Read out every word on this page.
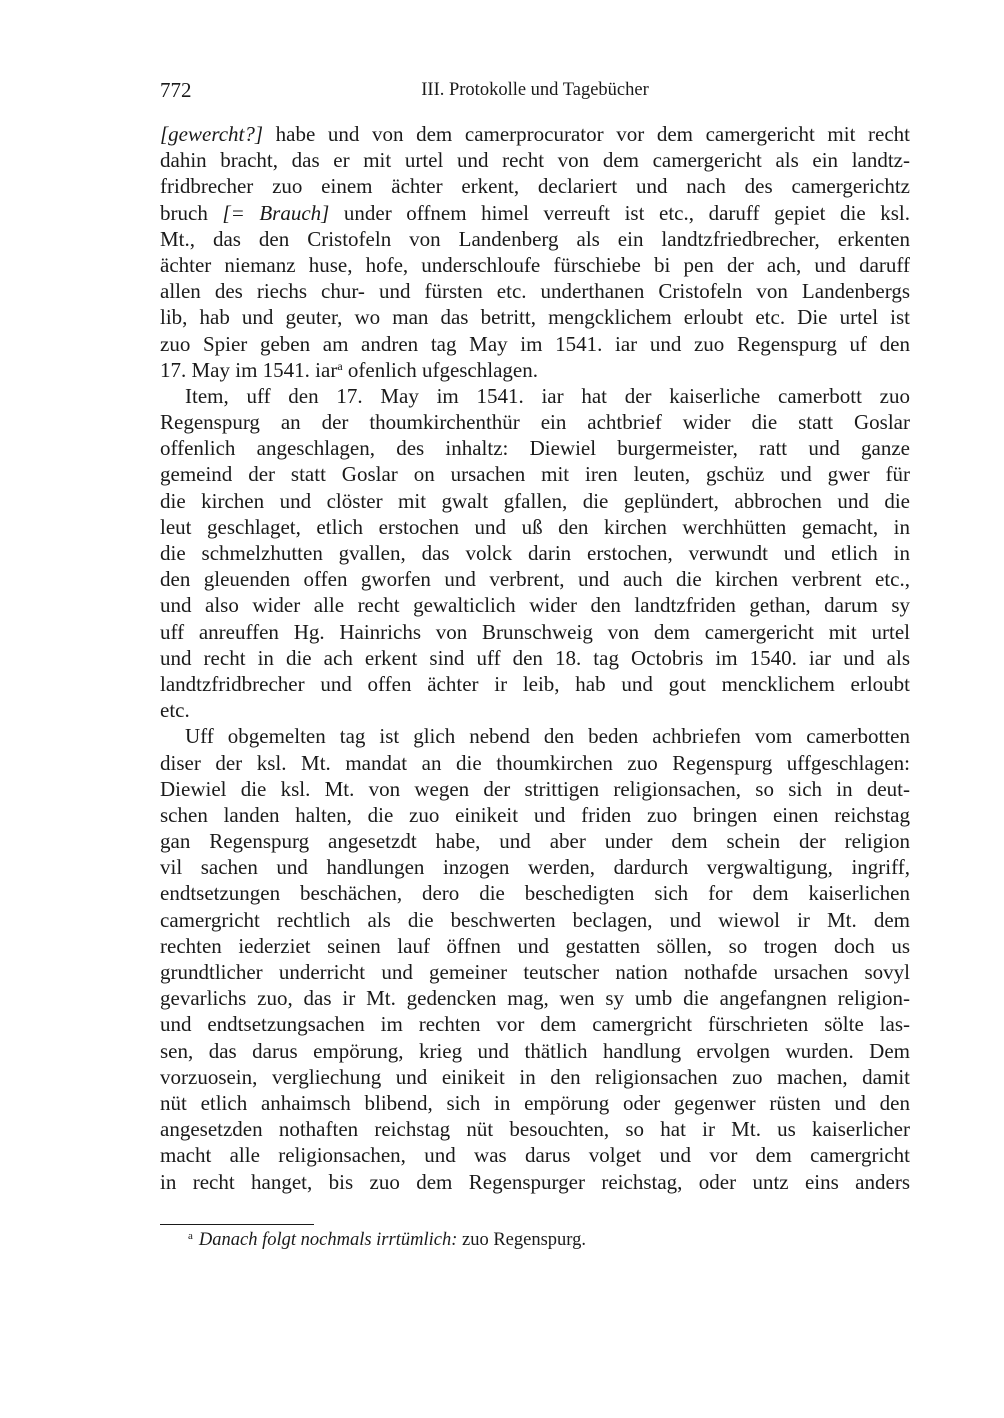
772	III. Protokolle und Tagebücher
[gewercht?] habe und von dem camerprocurator vor dem camergericht mit recht
dahin bracht, das er mit urtel und recht von dem camergericht als ein landtz-
fridbrecher zuo einem ächter erkent, declariert und nach des camergerichtz
bruch [= Brauch] under offnem himel verreuft ist etc., daruff gepiet die ksl.
Mt., das den Cristofeln von Landenberg als ein landtzfriedbrecher, erkenten
ächter niemanz huse, hofe, underschloufe fürschiebe bi pen der ach, und daruff
allen des riechs chur- und fürsten etc. underthanen Cristofeln von Landenbergs
lib, hab und geuter, wo man das betritt, mengcklichem erloubt etc. Die urtel ist
zuo Spier geben am andren tag May im 1541. iar und zuo Regenspurg uf den
17. May im 1541. iar$^a$ ofenlich ufgeschlagen.
Item, uff den 17. May im 1541. iar hat der kaiserliche camerbott zuo
Regenspurg an der thoumkirchenthür ein achtbrief wider die statt Goslar
offenlich angeschlagen, des inhaltz: Diewiel burgermeister, ratt und ganze
gemeind der statt Goslar on ursachen mit iren leuten, gschüz und gwer für
die kirchen und clöster mit gwalt gfallen, die geplündert, abbrochen und die
leut geschlaget, etlich erstochen und uß den kirchen werchhütten gemacht, in
die schmelzhutten gvallen, das volck darin erstochen, verwundt und etlich in
den gleuenden offen gworfen und verbrent, und auch die kirchen verbrent etc.,
und also wider alle recht gewalticlich wider den landtzfriden gethan, darum sy
uff anreuffen Hg. Hainrichs von Brunschweig von dem camergericht mit urtel
und recht in die ach erkent sind uff den 18. tag Octobris im 1540. iar und als
landtzfridbrecher und offen ächter ir leib, hab und gout mencklichem erloubt
etc.
Uff obgemelten tag ist glich nebend den beden achbriefen vom camerbotten
diser der ksl. Mt. mandat an die thoumkirchen zuo Regenspurg uffgeschlagen:
Diewiel die ksl. Mt. von wegen der strittigen religionsachen, so sich in deut-
schen landen halten, die zuo einikeit und friden zuo bringen einen reichstag
gan Regenspurg angesetzdt habe, und aber under dem schein der religion
vil sachen und handlungen inzogen werden, dardurch vergwaltigung, ingriff,
endtsetzungen beschächen, dero die beschedigten sich for dem kaiserlichen
camergricht rechtlich als die beschwerten beclagen, und wiewol ir Mt. dem
rechten iederziet seinen lauf öffnen und gestatten söllen, so trogen doch us
grundtlicher underricht und gemeiner teutscher nation nothafde ursachen sovyl
gevarlichs zuo, das ir Mt. gedencken mag, wen sy umb die angefangnen religion-
und endtsetzungsachen im rechten vor dem camergricht fürschrieten sölte las-
sen, das darus empörung, krieg und thätlich handlung ervolgen wurden. Dem
vorzuosein, vergliechung und einikeit in den religionsachen zuo machen, damit
nüt etlich anhaimsch blibend, sich in empörung oder gegenwer rüsten und den
angesetzden nothaften reichstag nüt besouchten, so hat ir Mt. us kaiserlicher
macht alle religionsachen, und was darus volget und vor dem camergricht
in recht hanget, bis zuo dem Regenspurger reichstag, oder untz eins anders
$^a$ Danach folgt nochmals irrtümlich: zuo Regenspurg.
